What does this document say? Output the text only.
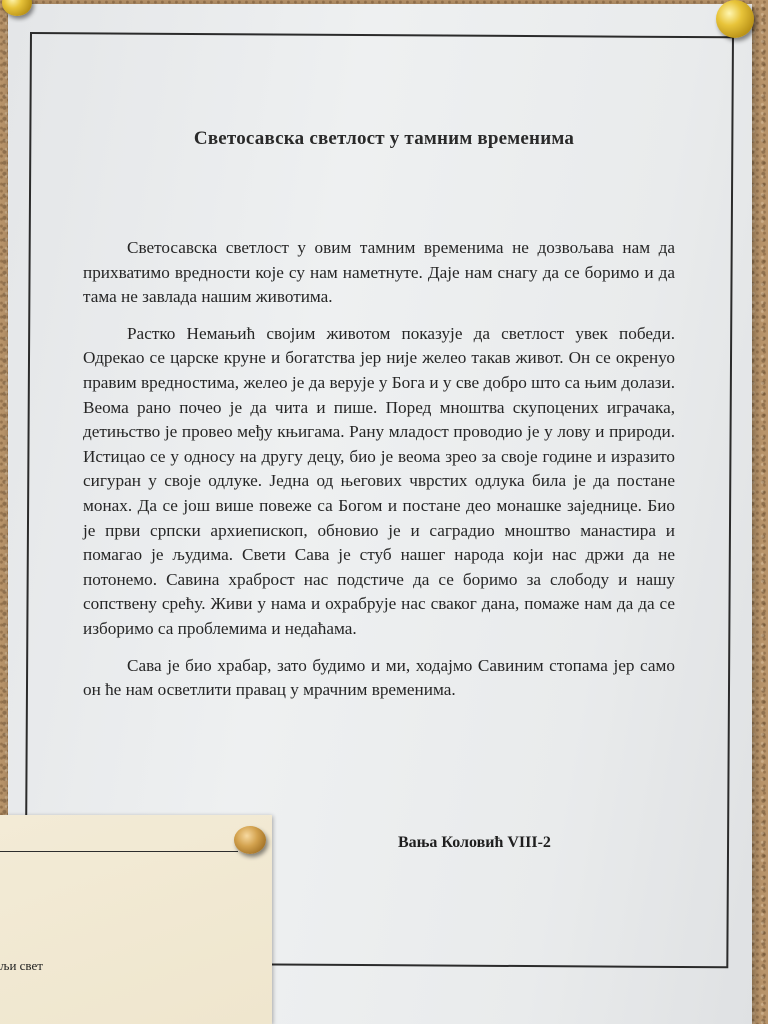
Светосавска светлост у тамним временима

Светосавска светлост у овим тамним временима не дозвољава нам да прихватимо вредности које су нам наметнуте. Даје нам снагу да се боримо и да тама не завлада нашим животима.

Растко Немањић својим животом показује да светлост увек победи. Одрекао се царске круне и богатства јер није желео такав живот. Он се окренуо правим вредностима, желео је да верује у Бога и у све добро што са њим долази. Веома рано почео је да чита и пише. Поред мноштва скупоцених играчака, детињство је провео међу књигама. Рану младост проводио је у лову и природи. Истицао се у односу на другу децу, био је веома зрео за своје године и изразито сигуран у своје одлуке. Једна од његових чврстих одлука била је да постане монах. Да се још више повеже са Богом и постане део монашке заједнице. Био је први српски архиепископ, обновио је и саградио мноштво манастира и помагао је људима. Свети Сава је стуб нашег народа који нас држи да не потонемо. Савина храброст нас подстиче да се боримо за слободу и нашу сопствену срећу. Живи у нама и охрабрује нас сваког дана, помаже нам да да се изборимо са проблемима и недаћама.

Сава је био храбар, зато будимо и ми, ходајмо Савиним стопама јер само он ће нам осветлити правац у мрачним временима.

Вања Коловић VIII-2
љи свет
